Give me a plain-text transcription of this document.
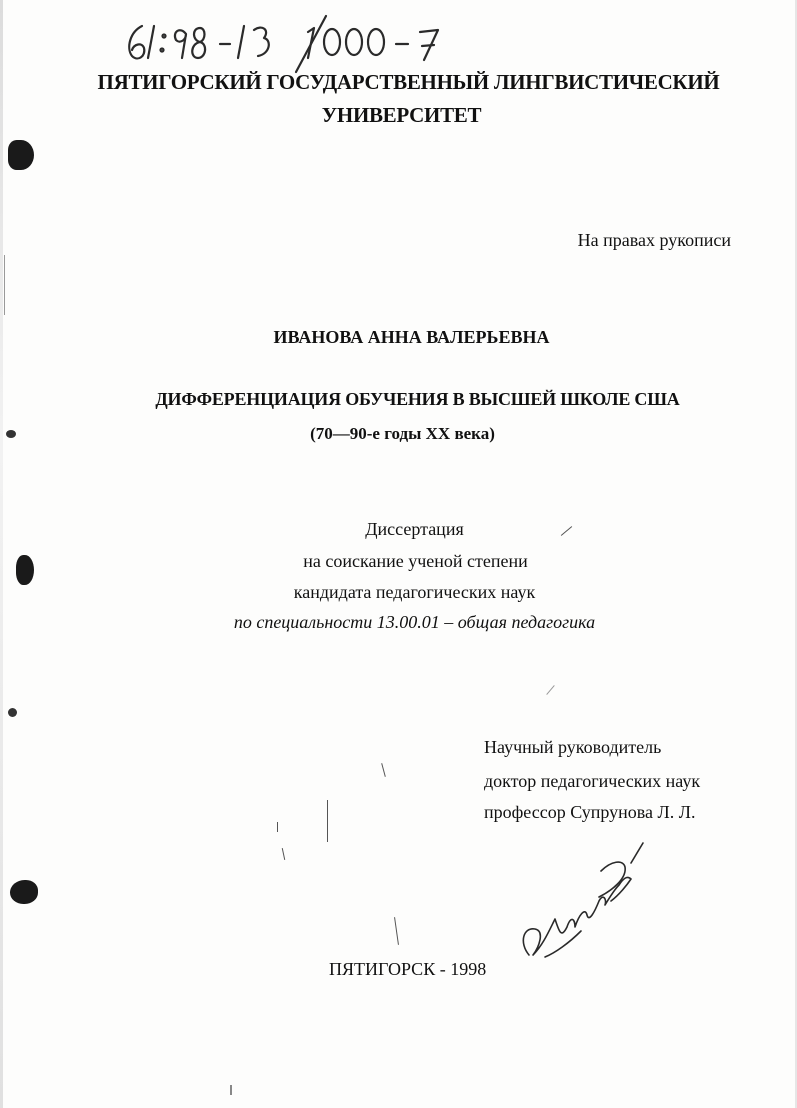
ПЯТИГОРСКИЙ ГОСУДАРСТВЕННЫЙ ЛИНГВИСТИЧЕСКИЙ
УНИВЕРСИТЕТ
На правах рукописи
ИВАНОВА АННА ВАЛЕРЬЕВНА
ДИФФЕРЕНЦИАЦИЯ ОБУЧЕНИЯ В ВЫСШЕЙ ШКОЛЕ США
(70—90-е годы XX века)
Диссертация
на соискание ученой степени
кандидата педагогических наук
по специальности 13.00.01 – общая педагогика
Научный руководитель
доктор педагогических наук
профессор Супрунова Л. Л.
ПЯТИГОРСК - 1998
